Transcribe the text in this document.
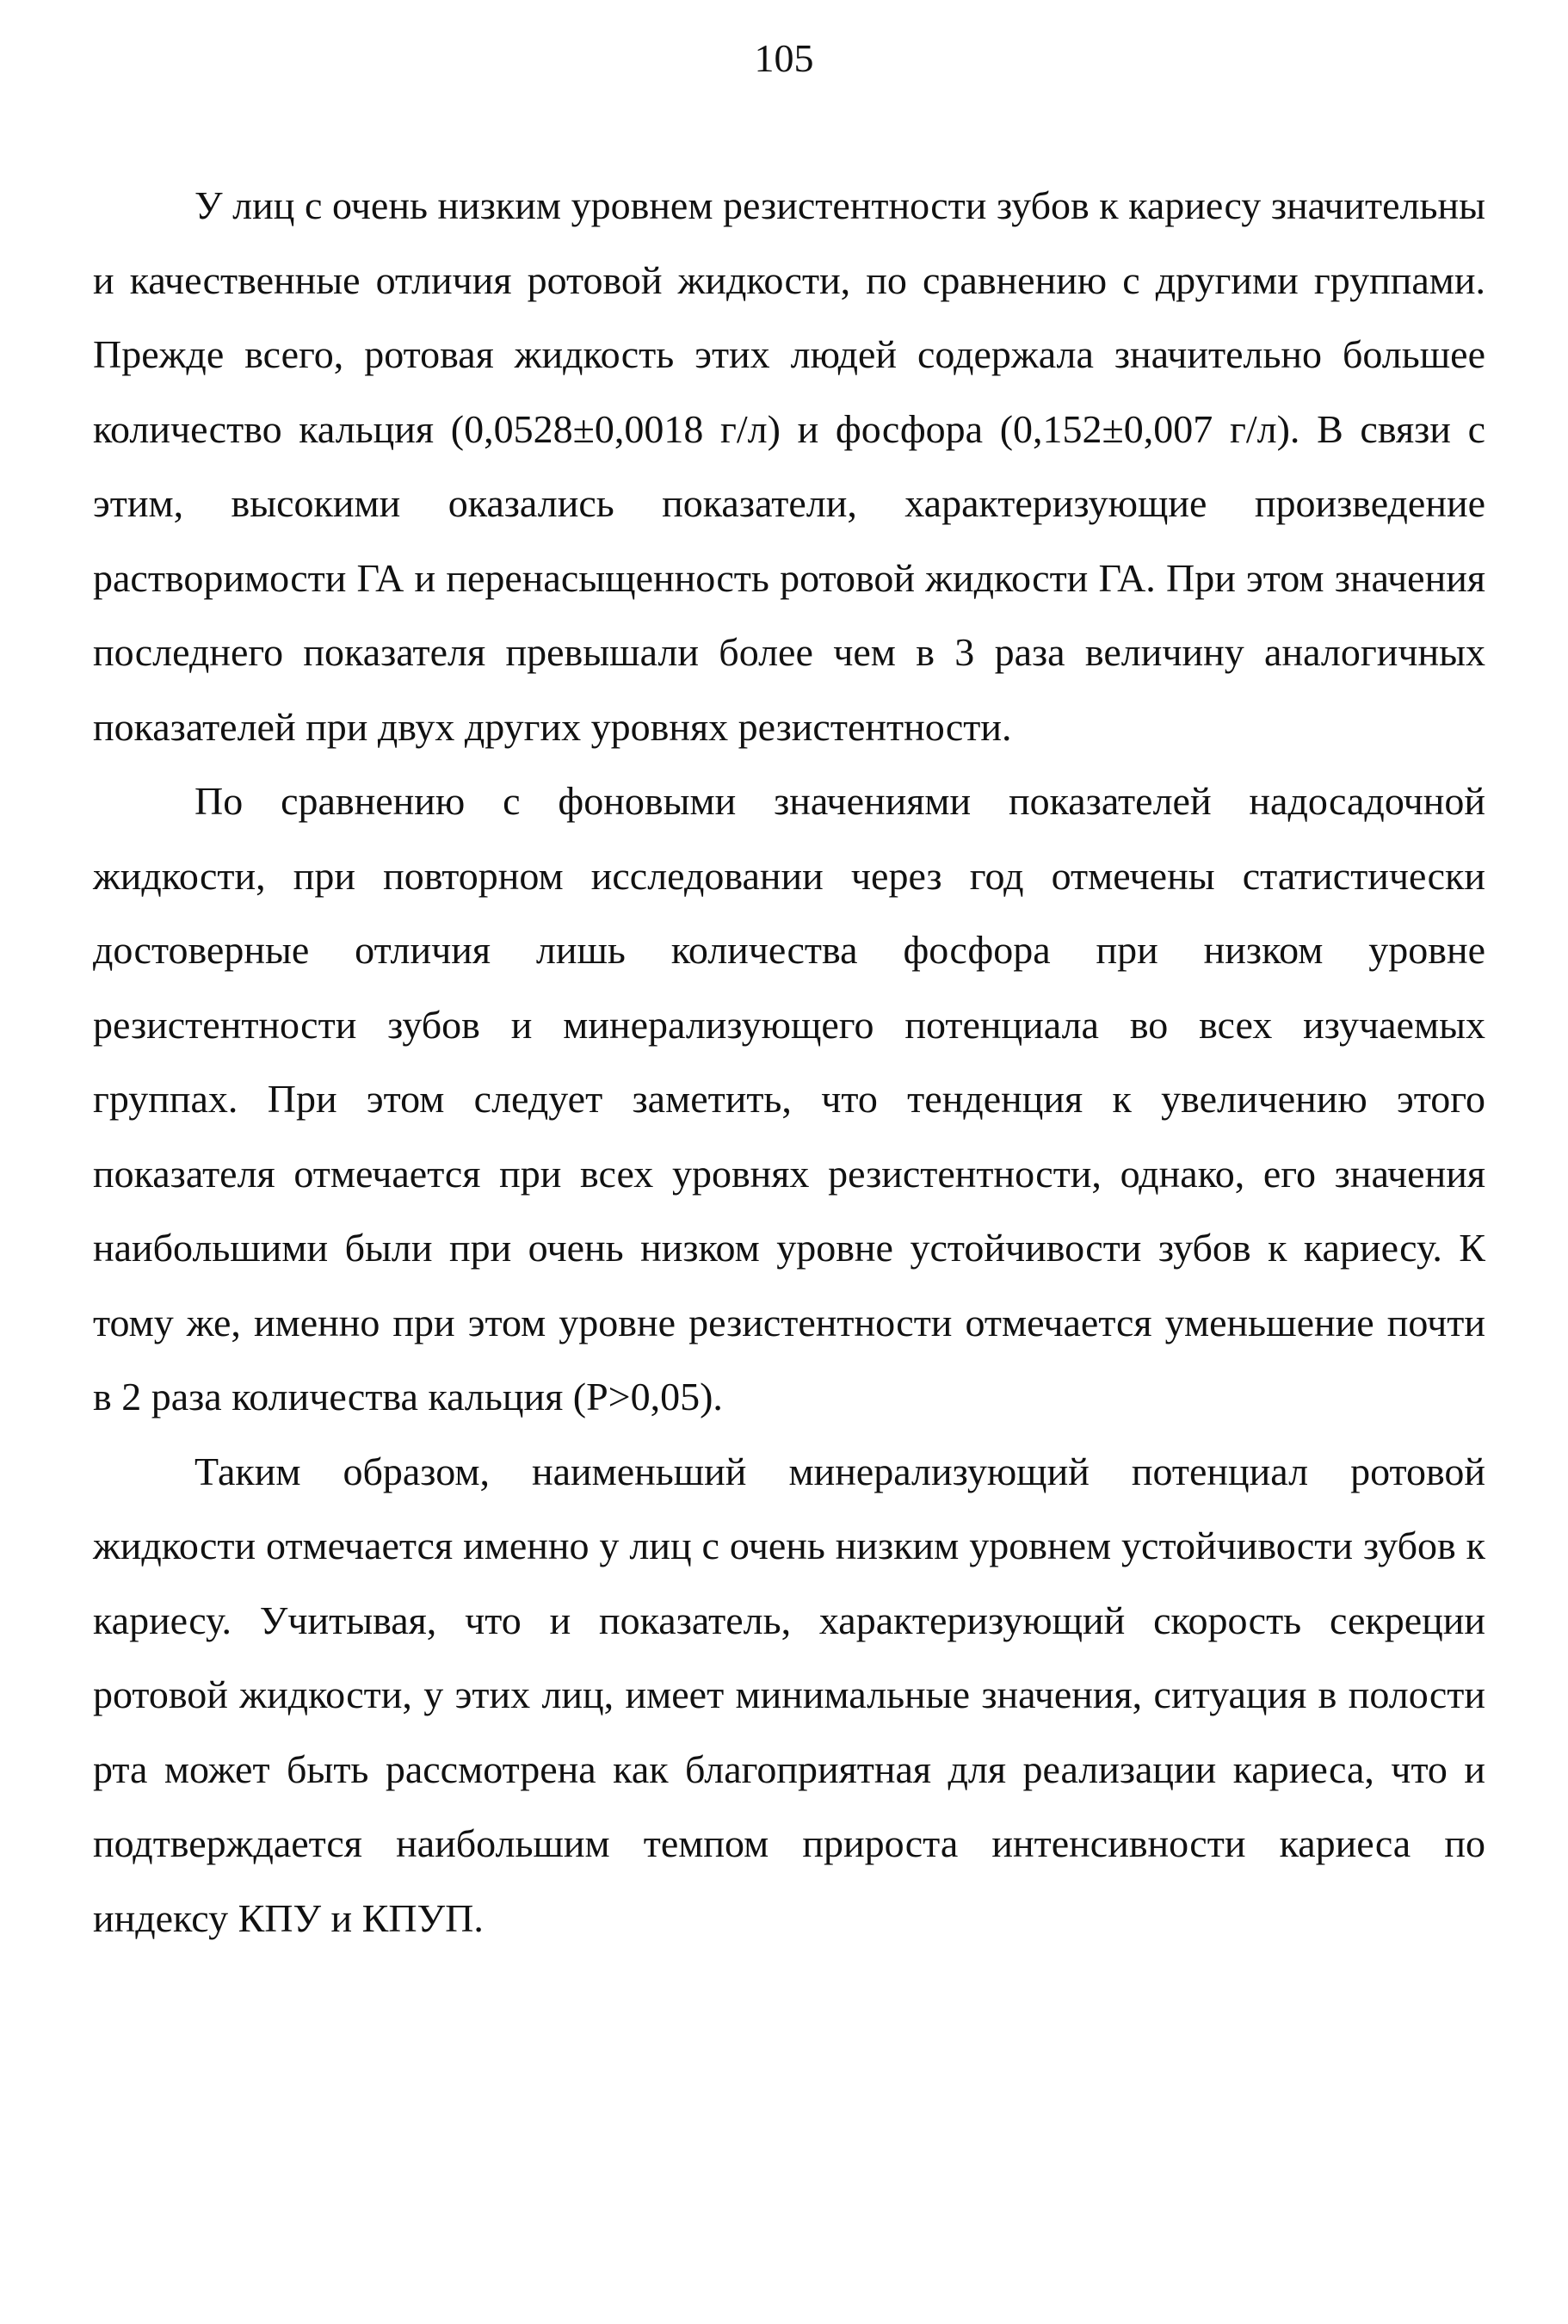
105

У лиц с очень низким уровнем резистентности зубов к кариесу значительны и качественные отличия ротовой жидкости, по сравнению с другими группами. Прежде всего, ротовая жидкость этих людей содержала значительно большее количество кальция (0,0528±0,0018 г/л) и фосфора (0,152±0,007 г/л). В связи с этим, высокими оказались показатели, характеризующие произведение растворимости ГА и перенасыщенность ротовой жидкости ГА. При этом значения последнего показателя превышали более чем в 3 раза величину аналогичных показателей при двух других уровнях резистентности.

По сравнению с фоновыми значениями показателей надосадочной жидкости, при повторном исследовании через год отмечены статистически достоверные отличия лишь количества фосфора при низком уровне резистентности зубов и минерализующего потенциала во всех изучаемых группах. При этом следует заметить, что тенденция к увеличению этого показателя отмечается при всех уровнях резистентности, однако, его значения наибольшими были при очень низком уровне устойчивости зубов к кариесу. К тому же, именно при этом уровне резистентности отмечается уменьшение почти в 2 раза количества кальция (Р>0,05).

Таким образом, наименьший минерализующий потенциал ротовой жидкости отмечается именно у лиц с очень низким уровнем устойчивости зубов к кариесу. Учитывая, что и показатель, характеризующий скорость секреции ротовой жидкости, у этих лиц, имеет минимальные значения, ситуация в полости рта может быть рассмотрена как благоприятная для реализации кариеса, что и подтверждается наибольшим темпом прироста интенсивности кариеса по индексу КПУ и КПУП.
